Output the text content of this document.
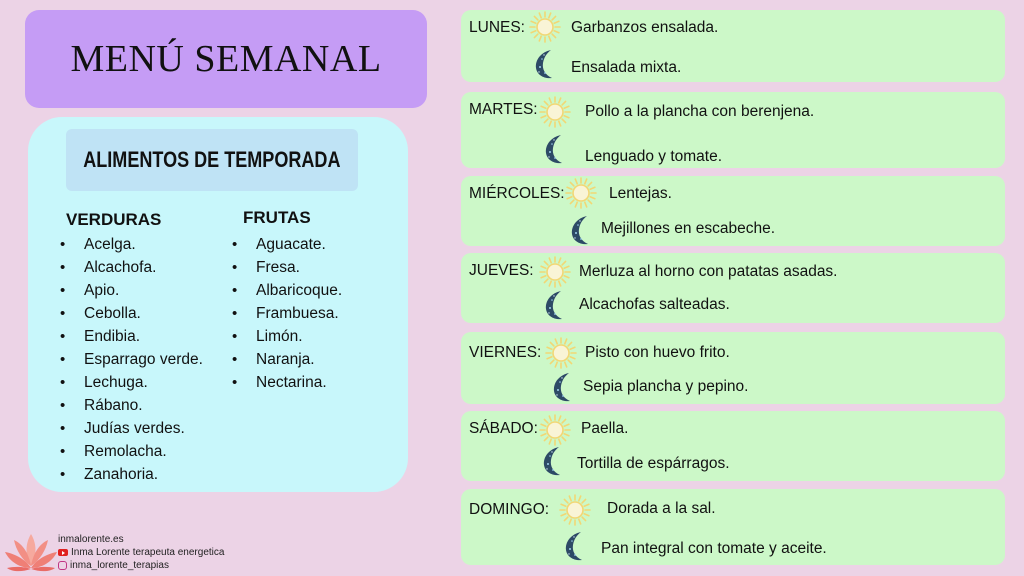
MENÚ SEMANAL
ALIMENTOS DE TEMPORADA
VERDURAS	FRUTAS
• Acelga.
• Alcachofa.
• Apio.
• Cebolla.
• Endibia.
• Esparrago verde.
• Lechuga.
• Rábano.
• Judías verdes.
• Remolacha.
• Zanahoria.
• Aguacate.
• Fresa.
• Albaricoque.
• Frambuesa.
• Limón.
• Naranja.
• Nectarina.
LUNES:	Garbanzos ensalada.
Ensalada mixta.
MARTES:	Pollo a la plancha con berenjena.
Lenguado y tomate.
MIÉRCOLES:	Lentejas.
Mejillones en escabeche.
JUEVES:	Merluza al horno con patatas asadas.
Alcachofas salteadas.
VIERNES:	Pisto con huevo frito.
Sepia plancha y pepino.
SÁBADO:	Paella.
Tortilla de espárragos.
DOMINGO:	Dorada a la sal.
Pan integral con tomate y aceite.
inmalorente.es
Inma Lorente terapeuta energetica
inma_lorente_terapias
